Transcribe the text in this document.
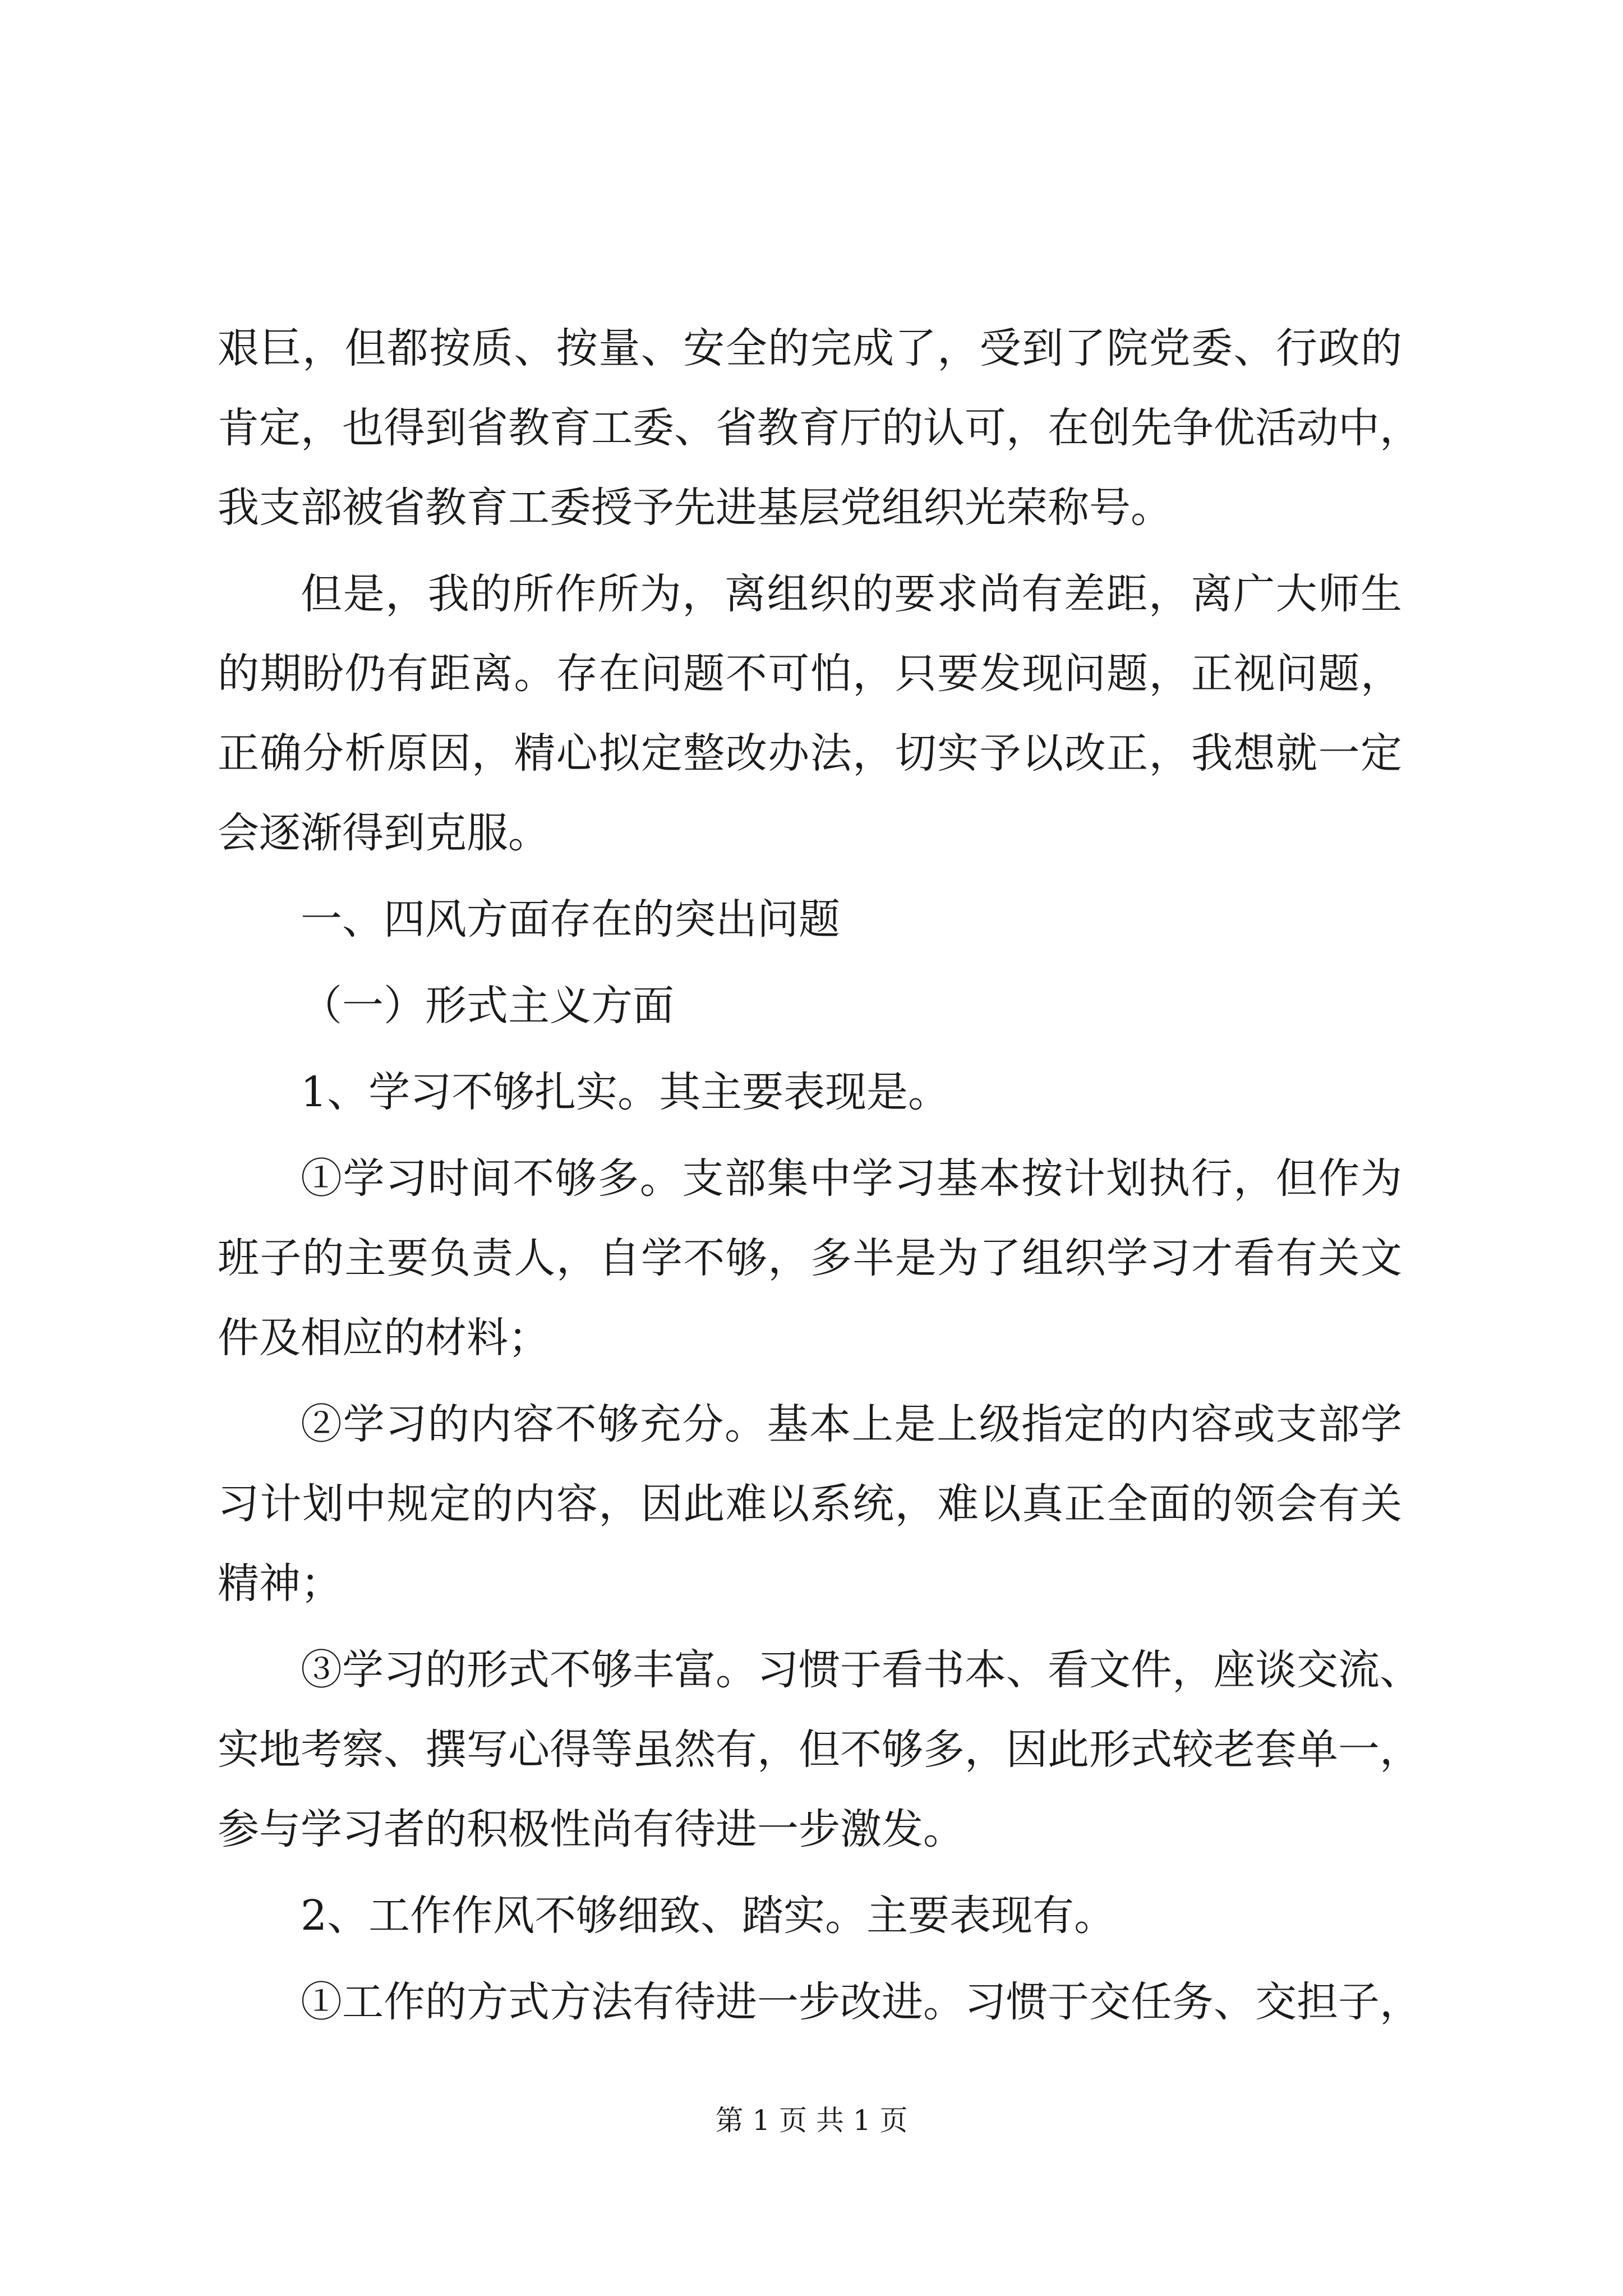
艰巨，但都按质、按量、安全的完成了，受到了院党委、行政的
肯定，也得到省教育工委、省教育厅的认可，在创先争优活动中，
我支部被省教育工委授予先进基层党组织光荣称号。
但是，我的所作所为，离组织的要求尚有差距，离广大师生
的期盼仍有距离。存在问题不可怕，只要发现问题，正视问题，
正确分析原因，精心拟定整改办法，切实予以改正，我想就一定
会逐渐得到克服。
一、四风方面存在的突出问题
（一）形式主义方面
1、学习不够扎实。其主要表现是。
①学习时间不够多。支部集中学习基本按计划执行，但作为
班子的主要负责人，自学不够，多半是为了组织学习才看有关文
件及相应的材料；
②学习的内容不够充分。基本上是上级指定的内容或支部学
习计划中规定的内容，因此难以系统，难以真正全面的领会有关
精神；
③学习的形式不够丰富。习惯于看书本、看文件，座谈交流、
实地考察、撰写心得等虽然有，但不够多，因此形式较老套单一，
参与学习者的积极性尚有待进一步激发。
2、工作作风不够细致、踏实。主要表现有。
①工作的方式方法有待进一步改进。习惯于交任务、交担子，
第 1 页 共 1 页
